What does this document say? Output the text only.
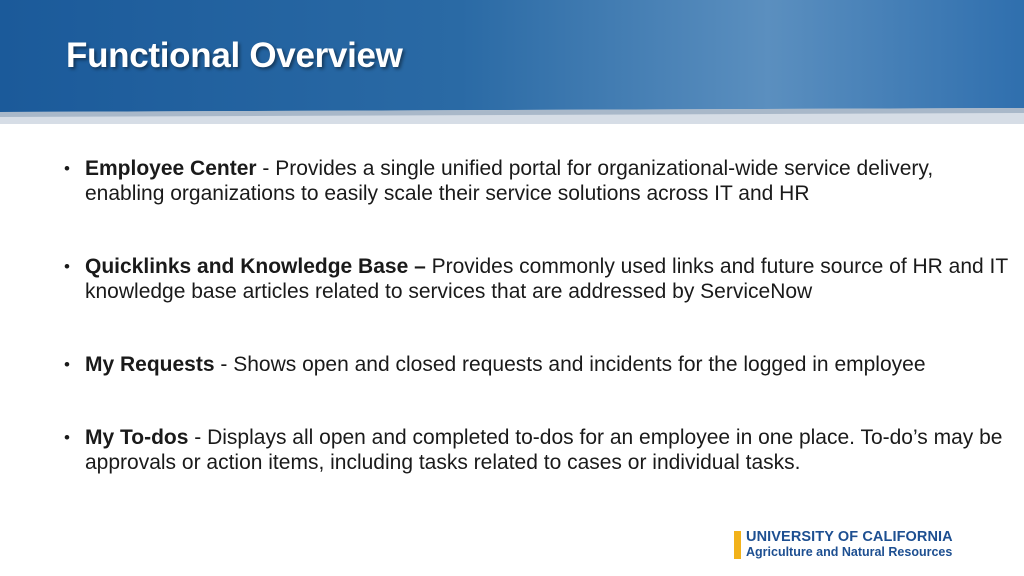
Functional Overview
• Employee Center - Provides a single unified portal for organizational-wide service delivery, enabling organizations to easily scale their service solutions across IT and HR
• Quicklinks and Knowledge Base – Provides commonly used links and future source of HR and IT knowledge base articles related to services that are addressed by ServiceNow
• My Requests - Shows open and closed requests and incidents for the logged in employee
• My To-dos - Displays all open and completed to-dos for an employee in one place. To-do’s may be approvals or action items, including tasks related to cases or individual tasks.
UNIVERSITY OF CALIFORNIA
Agriculture and Natural Resources
